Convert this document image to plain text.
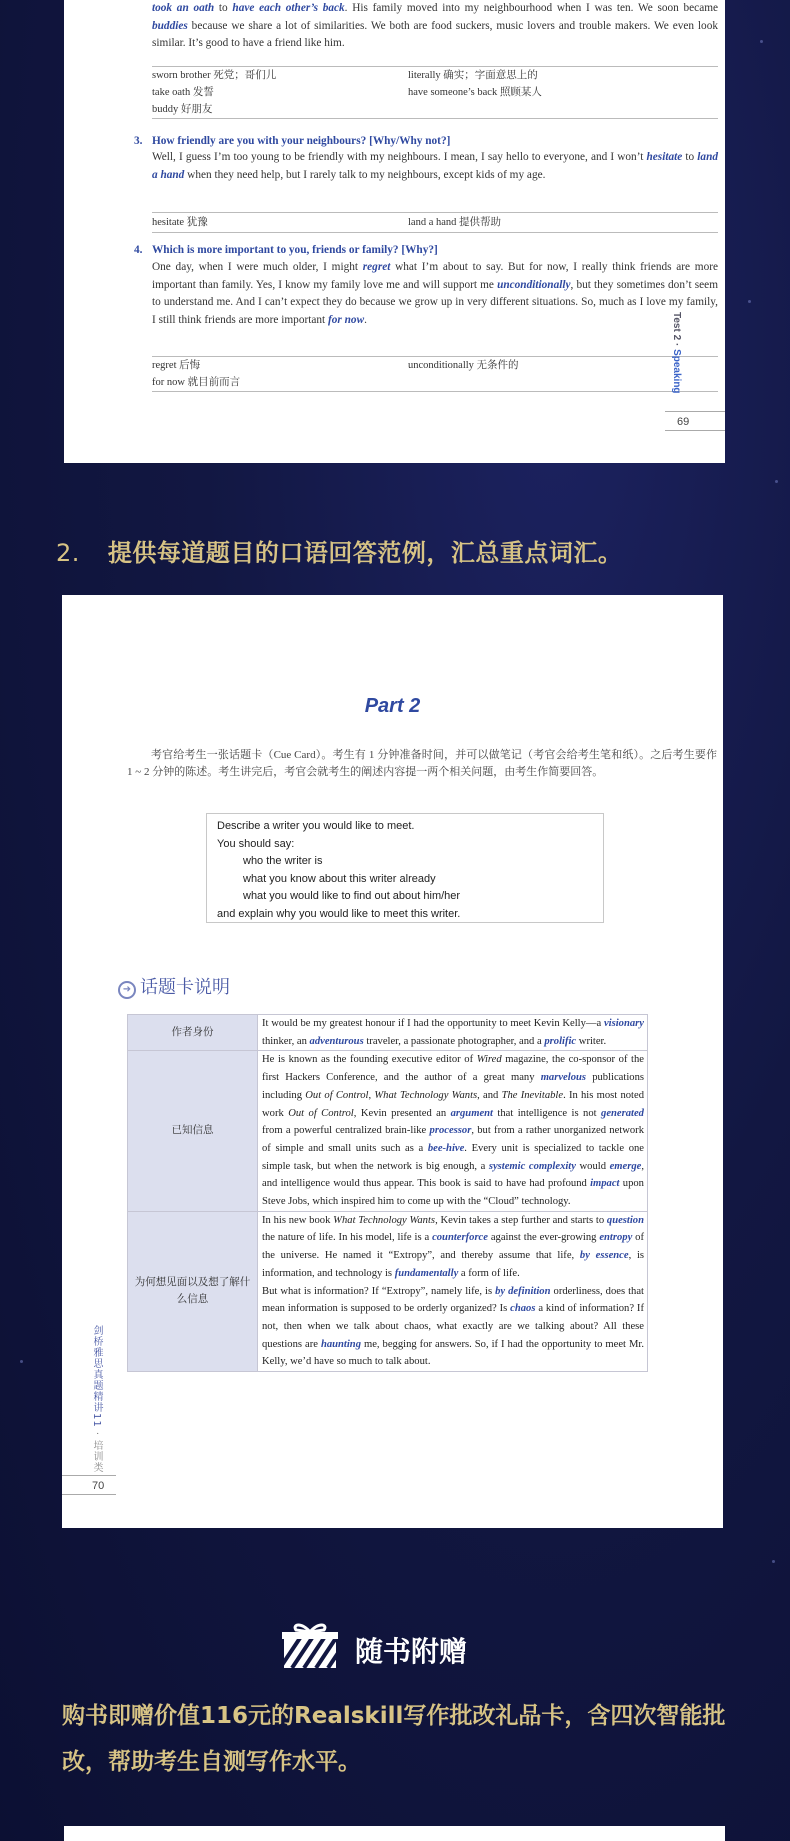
took an oath to have each other’s back. His family moved into my neighbourhood when I was ten. We soon became buddies because we share a lot of similarities. We both are food suckers, music lovers and trouble makers. We even look similar. It’s good to have a friend like him.

sworn brother 死党；哥们儿	literally 确实；字面意思上的
take oath 发誓	have someone’s back 照顾某人
buddy 好朋友
3. How friendly are you with your neighbours? [Why/Why not?]

Well, I guess I’m too young to be friendly with my neighbours. I mean, I say hello to everyone, and I won’t hesitate to land a hand when they need help, but I rarely talk to my neighbours, except kids of my age.

hesitate 犹豫	land a hand 提供帮助
4. Which is more important to you, friends or family? [Why?]

One day, when I were much older, I might regret what I’m about to say. But for now, I really think friends are more important than family. Yes, I know my family love me and will support me unconditionally, but they sometimes don’t seem to understand me. And I can’t expect they do because we grow up in very different situations. So, much as I love my family, I still think friends are more important for now.

regret 后悔	unconditionally 无条件的
for now 就目前而言
Test 2 · Speaking
69
2. 提供每道题目的口语回答范例，汇总重点词汇。
Part 2

考官给考生一张话题卡（Cue Card）。考生有 1 分钟准备时间，并可以做笔记（考官会给考生笔和纸）。之后考生要作 1 ~ 2 分钟的陈述。考生讲完后，考官会就考生的阐述内容提一两个相关问题，由考生作简要回答。

Describe a writer you would like to meet.
You should say:
who the writer is
what you know about this writer already
what you would like to find out about him/her
and explain why you would like to meet this writer.
➜ 话题卡说明
作者身份	It would be my greatest honour if I had the opportunity to meet Kevin Kelly—a visionary thinker, an adventurous traveler, a passionate photographer, and a prolific writer.
已知信息	He is known as the founding executive editor of Wired magazine, the co-sponsor of the first Hackers Conference, and the author of a great many marvelous publications including Out of Control, What Technology Wants, and The Inevitable. In his most noted work Out of Control, Kevin presented an argument that intelligence is not generated from a powerful centralized brain-like processor, but from a rather unorganized network of simple and small units such as a bee-hive. Every unit is specialized to tackle one simple task, but when the network is big enough, a systemic complexity would emerge, and intelligence would thus appear. This book is said to have had profound impact upon Steve Jobs, which inspired him to come up with the “Cloud” technology.
为何想见面以及想了解什么信息	In his new book What Technology Wants, Kevin takes a step further and starts to question the nature of life. In his model, life is a counterforce against the ever-growing entropy of the universe. He named it “Extropy”, and thereby assume that life, by essence, is information, and technology is fundamentally a form of life.
But what is information? If “Extropy”, namely life, is by definition orderliness, does that mean information is supposed to be orderly organized? Is chaos a kind of information? If not, then when we talk about chaos, what exactly are we talking about? All these questions are haunting me, begging for answers. So, if I had the opportunity to meet Mr. Kelly, we’d have so much to talk about.
剑桥雅思真题精讲11 · 培训类
70
随书附赠

购书即赠价值116元的Realskill写作批改礼品卡，含四次智能批改，帮助考生自测写作水平。
